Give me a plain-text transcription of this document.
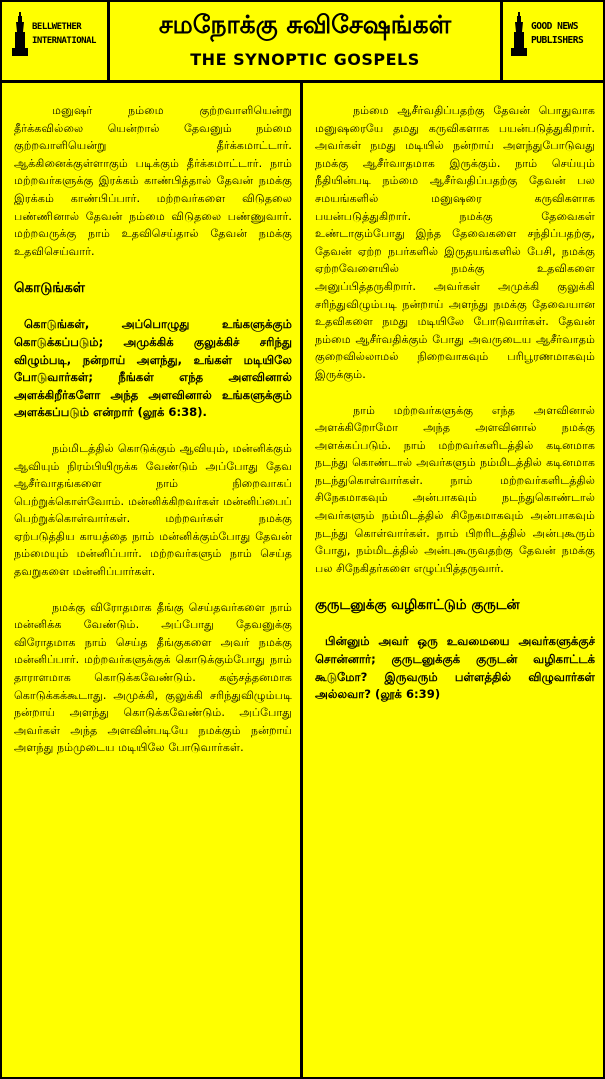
BELLWETHER
INTERNATIONAL
சமநோக்கு சுவிசேஷங்கள்
THE SYNOPTIC GOSPELS
GOOD NEWS
PUBLISHERS

மனுஷர் நம்மை குற்றவாளியென்று தீர்க்கவில்லை யென்றால் தேவனும் நம்மை குற்றவாளியென்று தீர்க்கமாட்டார். ஆக்கினைக்குள்ளாகும் படிக்கும் தீர்க்கமாட்டார். நாம் மற்றவர்களுக்கு இரக்கம் காண்பித்தால் தேவன் நமக்கு இரக்கம் காண்பிப்பார். மற்றவர்களை விடுதலை பண்ணினால் தேவன் நம்மை விடுதலை பண்ணுவார். மற்றவருக்கு நாம் உதவிசெய்தால் தேவன் நமக்கு உதவிசெய்வார்.

கொடுங்கள்

கொடுங்கள், அப்பொழுது உங்களுக்கும் கொடுக்கப்படும்; அமுக்கிக் குலுக்கிச் சரிந்து விழும்படி, நன்றாய் அளந்து, உங்கள் மடியிலே போடுவார்கள்; நீங்கள் எந்த அளவினால் அளக்கிறீர்களோ அந்த அளவினால் உங்களுக்கும் அளக்கப்படும் என்றார் (லூக் 6:38).

நம்மிடத்தில் கொடுக்கும் ஆவியும், மன்னிக்கும் ஆவியும் நிரம்பியிருக்க வேண்டும் அப்போது தேவ ஆசீர்வாதங்களை நாம் நிறைவாகப் பெற்றுக்கொள்வோம். மன்னிக்கிறவர்கள் மன்னிப்பைப் பெற்றுக்கொள்வார்கள். மற்றவர்கள் நமக்கு ஏற்படுத்திய காயத்தை நாம் மன்னிக்கும்போது தேவன் நம்மையும் மன்னிப்பார். மற்றவர்களும் நாம் செய்த தவறுகளை மன்னிப்பார்கள்.

நமக்கு விரோதமாக தீங்கு செய்தவர்களை நாம் மன்னிக்க வேண்டும். அப்போது தேவனுக்கு விரோதமாக நாம் செய்த தீங்குகளை அவர் நமக்கு மன்னிப்பார். மற்றவர்களுக்குக் கொடுக்கும்போது நாம் தாராளமாக கொடுக்கவேண்டும். கஞ்சத்தனமாக கொடுக்கக்கூடாது. அமுக்கி, குலுக்கி சரிந்துவிழும்படி நன்றாய் அளந்து கொடுக்கவேண்டும். அப்போது அவர்கள் அந்த அளவின்படியே நமக்கும் நன்றாய் அளந்து நம்முடைய மடியிலே போடுவார்கள்.

நம்மை ஆசீர்வதிப்பதற்கு தேவன் பொதுவாக மனுஷரையே தமது கருவிகளாக பயன்படுத்துகிறார். அவர்கள் நமது மடியில் நன்றாய் அளந்துபோடுவது நமக்கு ஆசீர்வாதமாக இருக்கும். நாம் செய்யும் நீதியின்படி நம்மை ஆசீர்வதிப்பதற்கு தேவன் பல சமயங்களில் மனுஷரை கருவிகளாக பயன்படுத்துகிறார். நமக்கு தேவைகள் உண்டாகும்போது இந்த தேவைகளை சந்திப்பதற்கு, தேவன் ஏற்ற நபர்களில் இருதயங்களில் பேசி, நமக்கு ஏற்றவேளையில் நமக்கு உதவிகளை அனுப்பித்தருகிறார். அவர்கள் அமுக்கி குலுக்கி சரிந்துவிழும்படி நன்றாய் அளந்து நமக்கு தேவையான உதவிகளை நமது மடியிலே போடுவார்கள். தேவன் நம்மை ஆசீர்வதிக்கும் போது அவருடைய ஆசீர்வாதம் குறைவில்லாமல் நிறைவாகவும் பரிபூரணமாகவும் இருக்கும்.

நாம் மற்றவர்களுக்கு எந்த அளவினால் அளக்கிறோமோ அந்த அளவினால் நமக்கு அளக்கப்படும். நாம் மற்றவர்களிடத்தில் கடினமாக நடந்து கொண்டால் அவர்களும் நம்மிடத்தில் கடினமாக நடந்துகொள்வார்கள். நாம் மற்றவர்களிடத்தில் சிநேகமாகவும் அன்பாகவும் நடந்துகொண்டால் அவர்களும் நம்மிடத்தில் சிநேகமாகவும் அன்பாகவும் நடந்து கொள்வார்கள். நாம் பிறரிடத்தில் அன்புகூரும் போது, நம்மிடத்தில் அன்புகூருவதற்கு தேவன் நமக்கு பல சிநேகிதர்களை எழுப்பித்தருவார்.

குருடனுக்கு வழிகாட்டும் குருடன்

பின்னும் அவர் ஒரு உவமையை அவர்களுக்குச் சொன்னார்; குருடனுக்குக் குருடன் வழிகாட்டக் கூடுமோ? இருவரும் பள்ளத்தில் விழுவார்கள் அல்லவா? (லூக் 6:39)
